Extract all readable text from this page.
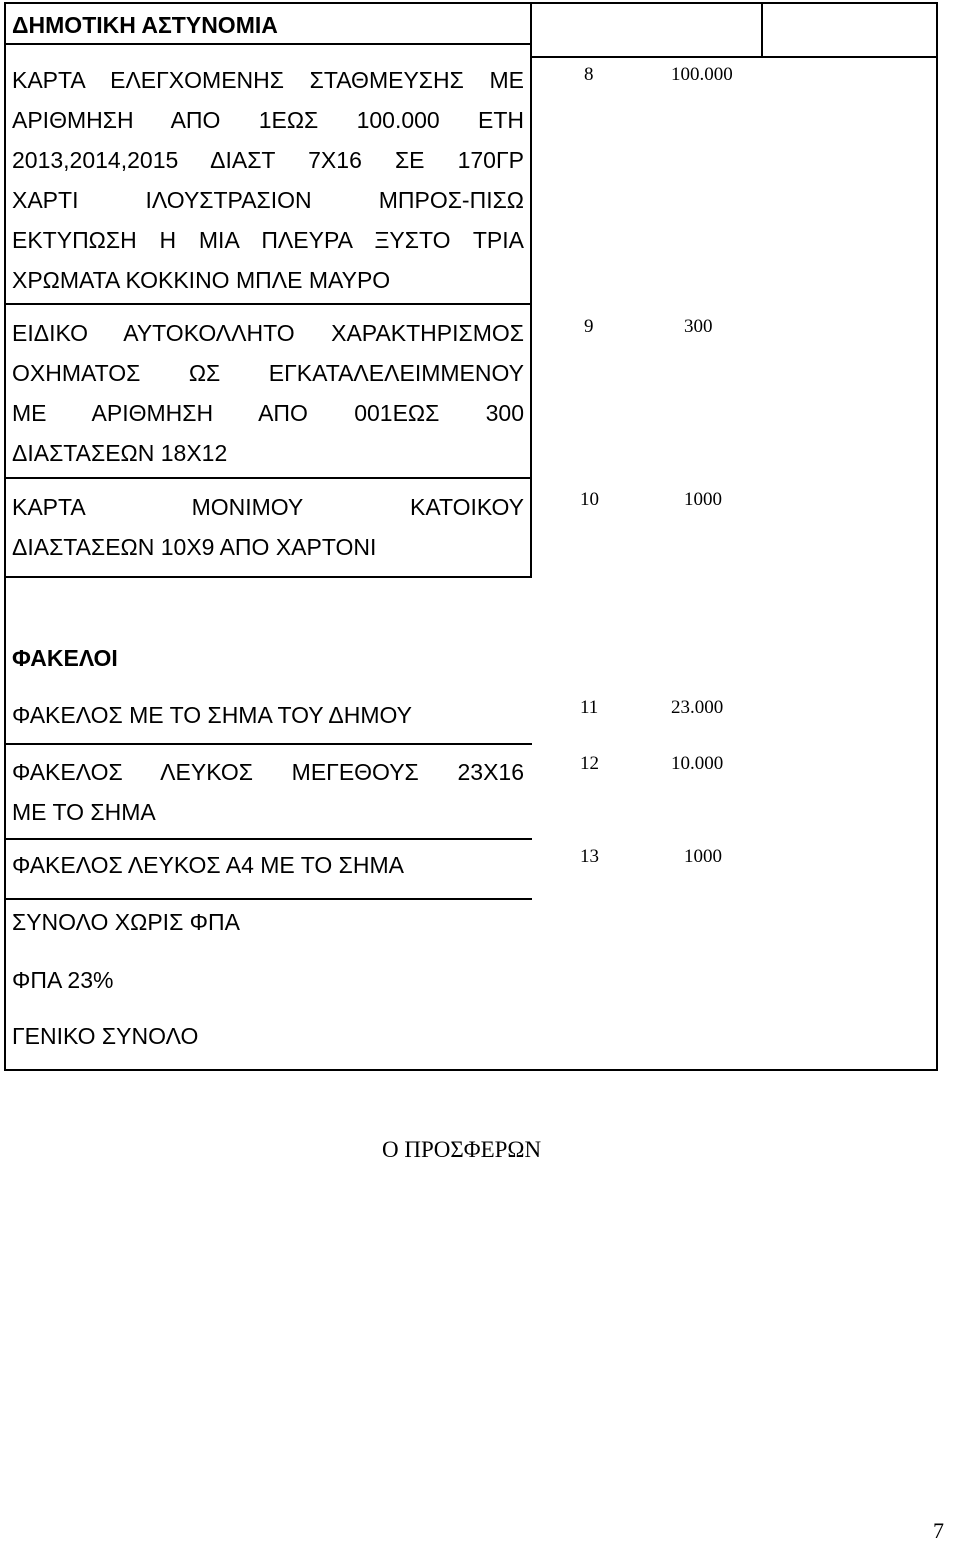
ΔΗΜΟΤΙΚΗ ΑΣΤΥΝΟΜΙΑ
ΚΑΡΤΑ ΕΛΕΓΧΟΜΕΝΗΣ ΣΤΑΘΜΕΥΣΗΣ ΜΕ
ΑΡΙΘΜΗΣΗ ΑΠΟ 1ΕΩΣ 100.000 ΕΤΗ
2013,2014,2015 ΔΙΑΣΤ 7Χ16 ΣΕ 170ΓΡ
ΧΑΡΤΙ ΙΛΟΥΣΤΡΑΣΙΟΝ ΜΠΡΟΣ-ΠΙΣΩ
ΕΚΤΥΠΩΣΗ Η ΜΙΑ ΠΛΕΥΡΑ ΞΥΣΤΟ ΤΡΙΑ
ΧΡΩΜΑΤΑ ΚΟΚΚΙΝΟ ΜΠΛΕ ΜΑΥΡΟ
8	100.000
ΕΙΔΙΚΟ ΑΥΤΟΚΟΛΛΗΤΟ ΧΑΡΑΚΤΗΡΙΣΜΟΣ
ΟΧΗΜΑΤΟΣ ΩΣ ΕΓΚΑΤΑΛΕΛΕΙΜΜΕΝΟΥ
ΜΕ ΑΡΙΘΜΗΣΗ ΑΠΟ 001ΕΩΣ 300
ΔΙΑΣΤΑΣΕΩΝ 18Χ12
9	300
ΚΑΡΤΑ ΜΟΝΙΜΟΥ ΚΑΤΟΙΚΟΥ
ΔΙΑΣΤΑΣΕΩΝ 10Χ9 ΑΠΟ ΧΑΡΤΟΝΙ
10	1000
ΦΑΚΕΛΟΙ
ΦΑΚΕΛΟΣ ΜΕ ΤΟ ΣΗΜΑ ΤΟΥ ΔΗΜΟΥ	11	23.000
ΦΑΚΕΛΟΣ ΛΕΥΚΟΣ ΜΕΓΕΘΟΥΣ 23Χ16
ΜΕ ΤΟ ΣΗΜΑ
12	10.000
ΦΑΚΕΛΟΣ ΛΕΥΚΟΣ Α4 ΜΕ ΤΟ ΣΗΜΑ	13	1000
ΣΥΝΟΛΟ ΧΩΡΙΣ ΦΠΑ
ΦΠΑ 23%
ΓΕΝΙΚΟ ΣΥΝΟΛΟ
Ο ΠΡΟΣΦΕΡΩΝ
7
